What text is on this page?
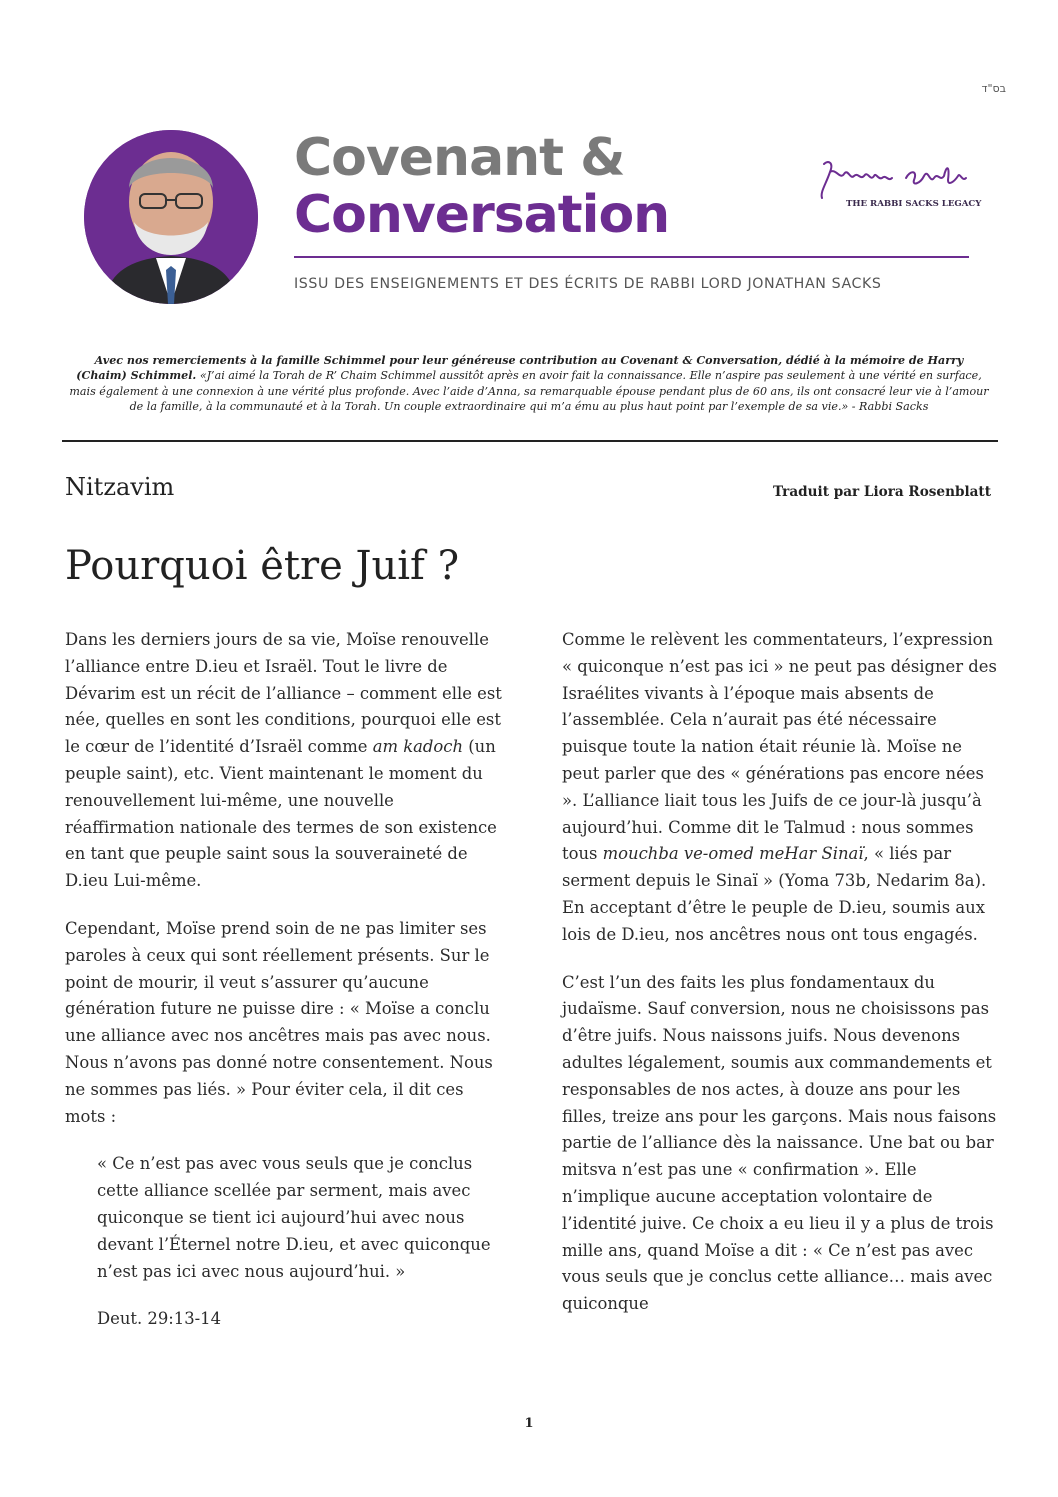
בס"ד
Covenant &
Conversation
ISSU DES ENSEIGNEMENTS ET DES ÉCRITS DE RABBI LORD JONATHAN SACKS
THE RABBI SACKS LEGACY
Avec nos remerciements à la famille Schimmel pour leur généreuse contribution au Covenant & Conversation, dédié à la mémoire de Harry (Chaim) Schimmel. «J’ai aimé la Torah de R’ Chaim Schimmel aussitôt après en avoir fait la connaissance. Elle n’aspire pas seulement à une vérité en surface, mais également à une connexion à une vérité plus profonde. Avec l’aide d’Anna, sa remarquable épouse pendant plus de 60 ans, ils ont consacré leur vie à l’amour de la famille, à la communauté et à la Torah. Un couple extraordinaire qui m’a ému au plus haut point par l’exemple de sa vie.» - Rabbi Sacks
Nitzavim	Traduit par Liora Rosenblatt
Pourquoi être Juif ?

Dans les derniers jours de sa vie, Moïse renouvelle l’alliance entre D.ieu et Israël. Tout le livre de Dévarim est un récit de l’alliance – comment elle est née, quelles en sont les conditions, pourquoi elle est le cœur de l’identité d’Israël comme am kadoch (un peuple saint), etc. Vient maintenant le moment du renouvellement lui-même, une nouvelle réaffirmation nationale des termes de son existence en tant que peuple saint sous la souveraineté de D.ieu Lui-même.

Cependant, Moïse prend soin de ne pas limiter ses paroles à ceux qui sont réellement présents. Sur le point de mourir, il veut s’assurer qu’aucune génération future ne puisse dire : « Moïse a conclu une alliance avec nos ancêtres mais pas avec nous. Nous n’avons pas donné notre consentement. Nous ne sommes pas liés. » Pour éviter cela, il dit ces mots :

« Ce n’est pas avec vous seuls que je conclus cette alliance scellée par serment, mais avec quiconque se tient ici aujourd’hui avec nous devant l’Éternel notre D.ieu, et avec quiconque n’est pas ici avec nous aujourd’hui. »

Deut. 29:13-14

Comme le relèvent les commentateurs, l’expression « quiconque n’est pas ici » ne peut pas désigner des Israélites vivants à l’époque mais absents de l’assemblée. Cela n’aurait pas été nécessaire puisque toute la nation était réunie là. Moïse ne peut parler que des « générations pas encore nées ». L’alliance liait tous les Juifs de ce jour-là jusqu’à aujourd’hui. Comme dit le Talmud : nous sommes tous mouchba ve-omed meHar Sinaï, « liés par serment depuis le Sinaï » (Yoma 73b, Nedarim 8a). En acceptant d’être le peuple de D.ieu, soumis aux lois de D.ieu, nos ancêtres nous ont tous engagés.

C’est l’un des faits les plus fondamentaux du judaïsme. Sauf conversion, nous ne choisissons pas d’être juifs. Nous naissons juifs. Nous devenons adultes légalement, soumis aux commandements et responsables de nos actes, à douze ans pour les filles, treize ans pour les garçons. Mais nous faisons partie de l’alliance dès la naissance. Une bat ou bar mitsva n’est pas une « confirmation ». Elle n’implique aucune acceptation volontaire de l’identité juive. Ce choix a eu lieu il y a plus de trois mille ans, quand Moïse a dit : « Ce n’est pas avec vous seuls que je conclus cette alliance… mais avec quiconque

1
